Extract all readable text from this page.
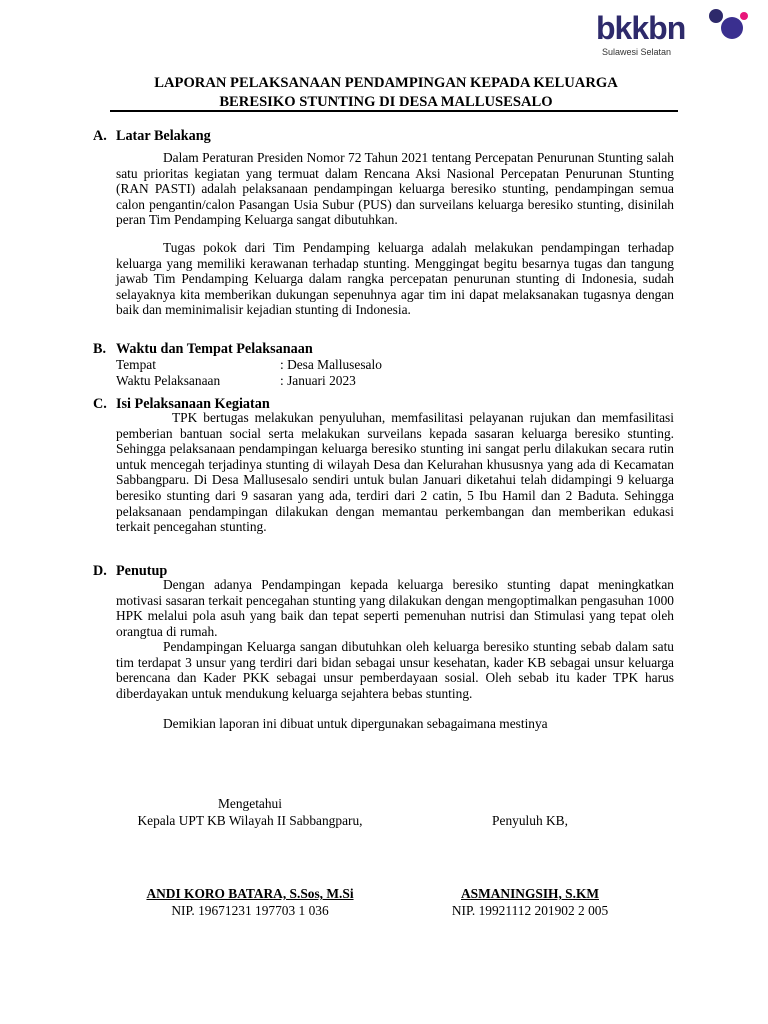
bkkbn
Sulawesi Selatan
LAPORAN PELAKSANAAN PENDAMPINGAN KEPADA KELUARGA
BERESIKO STUNTING DI DESA MALLUSESALO
A. Latar Belakang
Dalam Peraturan Presiden Nomor 72 Tahun 2021 tentang Percepatan Penurunan Stunting salah satu prioritas kegiatan yang termuat dalam Rencana Aksi Nasional Percepatan Penurunan Stunting (RAN PASTI) adalah pelaksanaan pendampingan keluarga beresiko stunting, pendampingan semua calon pengantin/calon Pasangan Usia Subur (PUS) dan surveilans keluarga beresiko stunting, disinilah peran Tim Pendamping Keluarga sangat dibutuhkan.
Tugas pokok dari Tim Pendamping keluarga adalah melakukan pendampingan terhadap keluarga yang memiliki kerawanan terhadap stunting. Menggingat begitu besarnya tugas dan tangung jawab Tim Pendamping Keluarga dalam rangka percepatan penurunan stunting di Indonesia, sudah selayaknya kita memberikan dukungan sepenuhnya agar tim ini dapat melaksanakan tugasnya dengan baik dan meminimalisir kejadian stunting di Indonesia.
B. Waktu dan Tempat Pelaksanaan
Tempat	: Desa Mallusesalo
Waktu Pelaksanaan	: Januari 2023
C. Isi Pelaksanaan Kegiatan
TPK bertugas melakukan penyuluhan, memfasilitasi pelayanan rujukan dan memfasilitasi pemberian bantuan social serta melakukan surveilans kepada sasaran keluarga beresiko stunting. Sehingga pelaksanaan pendampingan keluarga beresiko stunting ini sangat perlu dilakukan secara rutin untuk mencegah terjadinya stunting di wilayah Desa dan Kelurahan khususnya yang ada di Kecamatan Sabbangparu. Di Desa Mallusesalo sendiri untuk bulan Januari diketahui telah didampingi 9 keluarga beresiko stunting dari 9 sasaran yang ada, terdiri dari 2 catin, 5 Ibu Hamil dan 2 Baduta. Sehingga pelaksanaan pendampingan dilakukan dengan memantau perkembangan dan memberikan edukasi terkait pencegahan stunting.
D. Penutup
Dengan adanya Pendampingan kepada keluarga beresiko stunting dapat meningkatkan motivasi sasaran terkait pencegahan stunting yang dilakukan dengan mengoptimalkan pengasuhan 1000 HPK melalui pola asuh yang baik dan tepat seperti pemenuhan nutrisi dan Stimulasi yang tepat oleh orangtua di rumah.
Pendampingan Keluarga sangan dibutuhkan oleh keluarga beresiko stunting sebab dalam satu tim terdapat 3 unsur yang terdiri dari bidan sebagai unsur kesehatan, kader KB sebagai unsur keluarga berencana dan Kader PKK sebagai unsur pemberdayaan sosial. Oleh sebab itu kader TPK harus diberdayakan untuk mendukung keluarga sejahtera bebas stunting.
Demikian laporan ini dibuat untuk dipergunakan sebagaimana mestinya
Mengetahui
Kepala UPT KB Wilayah II Sabbangparu,	Penyuluh KB,
ANDI KORO BATARA, S.Sos, M.Si
NIP. 19671231 197703 1 036
ASMANINGSIH, S.KM
NIP. 19921112 201902 2 005
